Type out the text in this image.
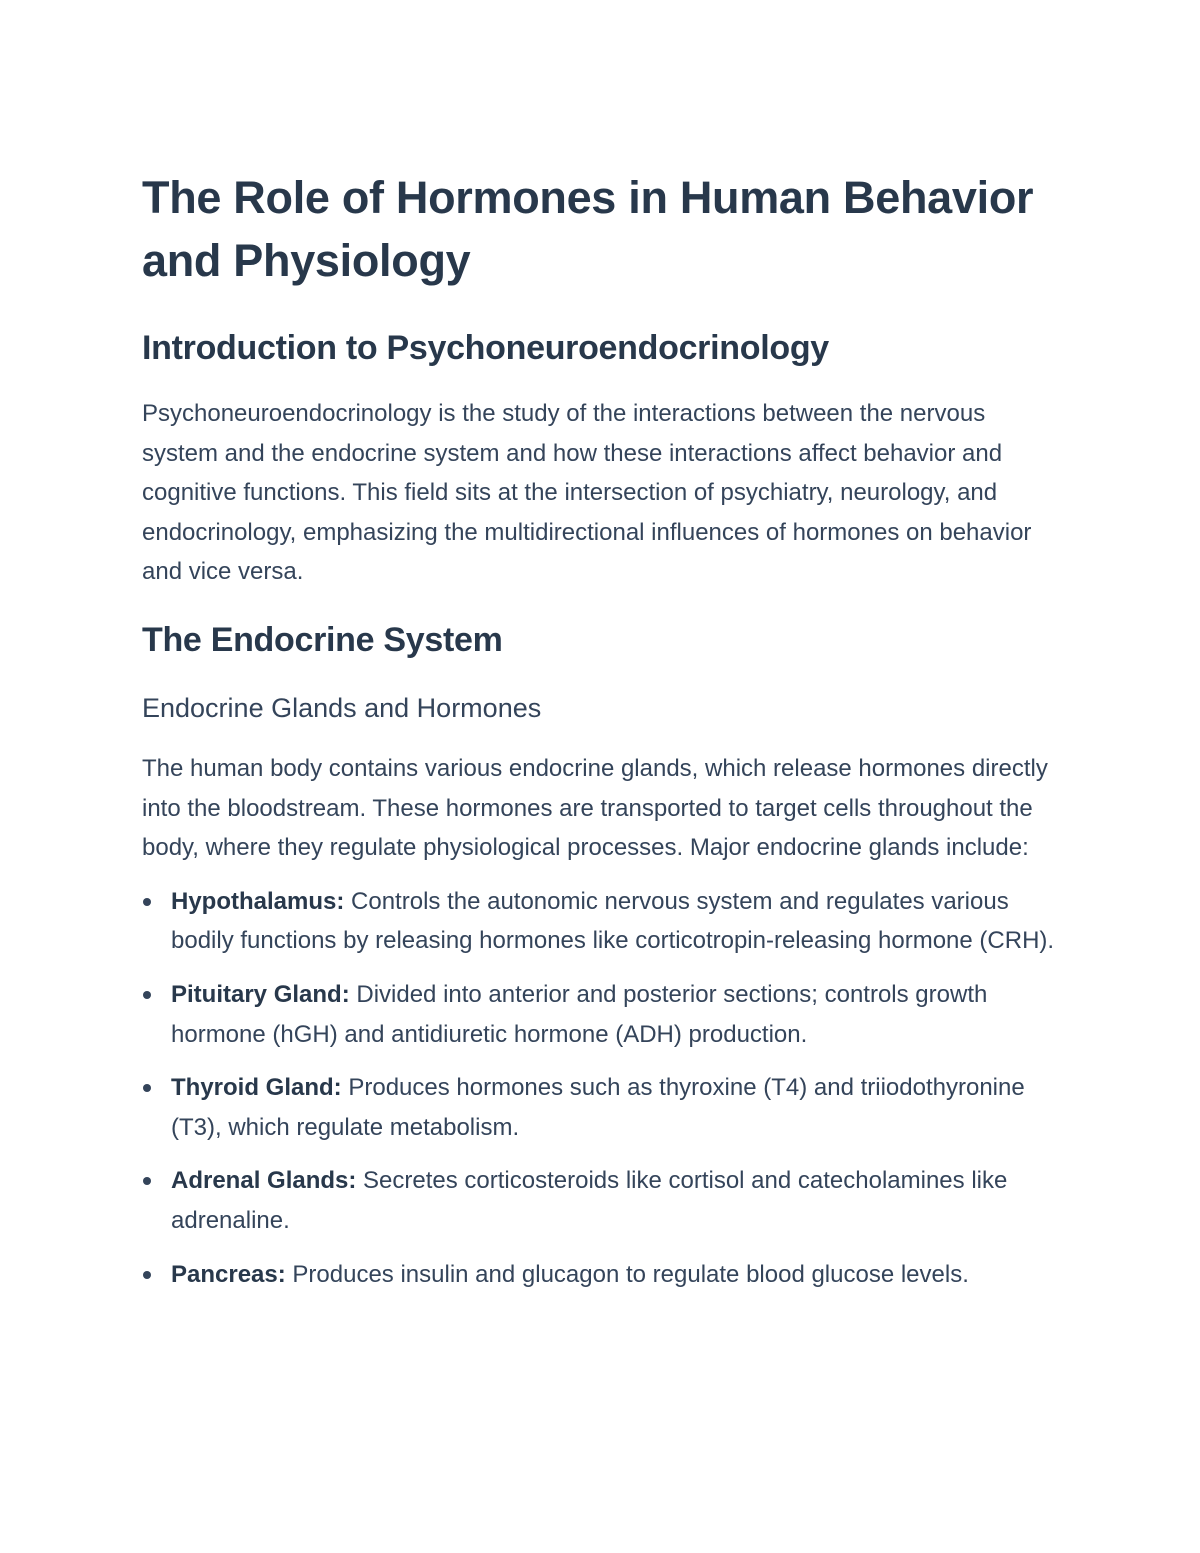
The Role of Hormones in Human Behavior and Physiology
Introduction to Psychoneuroendocrinology

Psychoneuroendocrinology is the study of the interactions between the nervous system and the endocrine system and how these interactions affect behavior and cognitive functions. This field sits at the intersection of psychiatry, neurology, and endocrinology, emphasizing the multidirectional influences of hormones on behavior and vice versa.

The Endocrine System
Endocrine Glands and Hormones

The human body contains various endocrine glands, which release hormones directly into the bloodstream. These hormones are transported to target cells throughout the body, where they regulate physiological processes. Major endocrine glands include:

Hypothalamus: Controls the autonomic nervous system and regulates various bodily functions by releasing hormones like corticotropin-releasing hormone (CRH).
Pituitary Gland: Divided into anterior and posterior sections; controls growth hormone (hGH) and antidiuretic hormone (ADH) production.
Thyroid Gland: Produces hormones such as thyroxine (T4) and triiodothyronine (T3), which regulate metabolism.
Adrenal Glands: Secretes corticosteroids like cortisol and catecholamines like adrenaline.
Pancreas: Produces insulin and glucagon to regulate blood glucose levels.
